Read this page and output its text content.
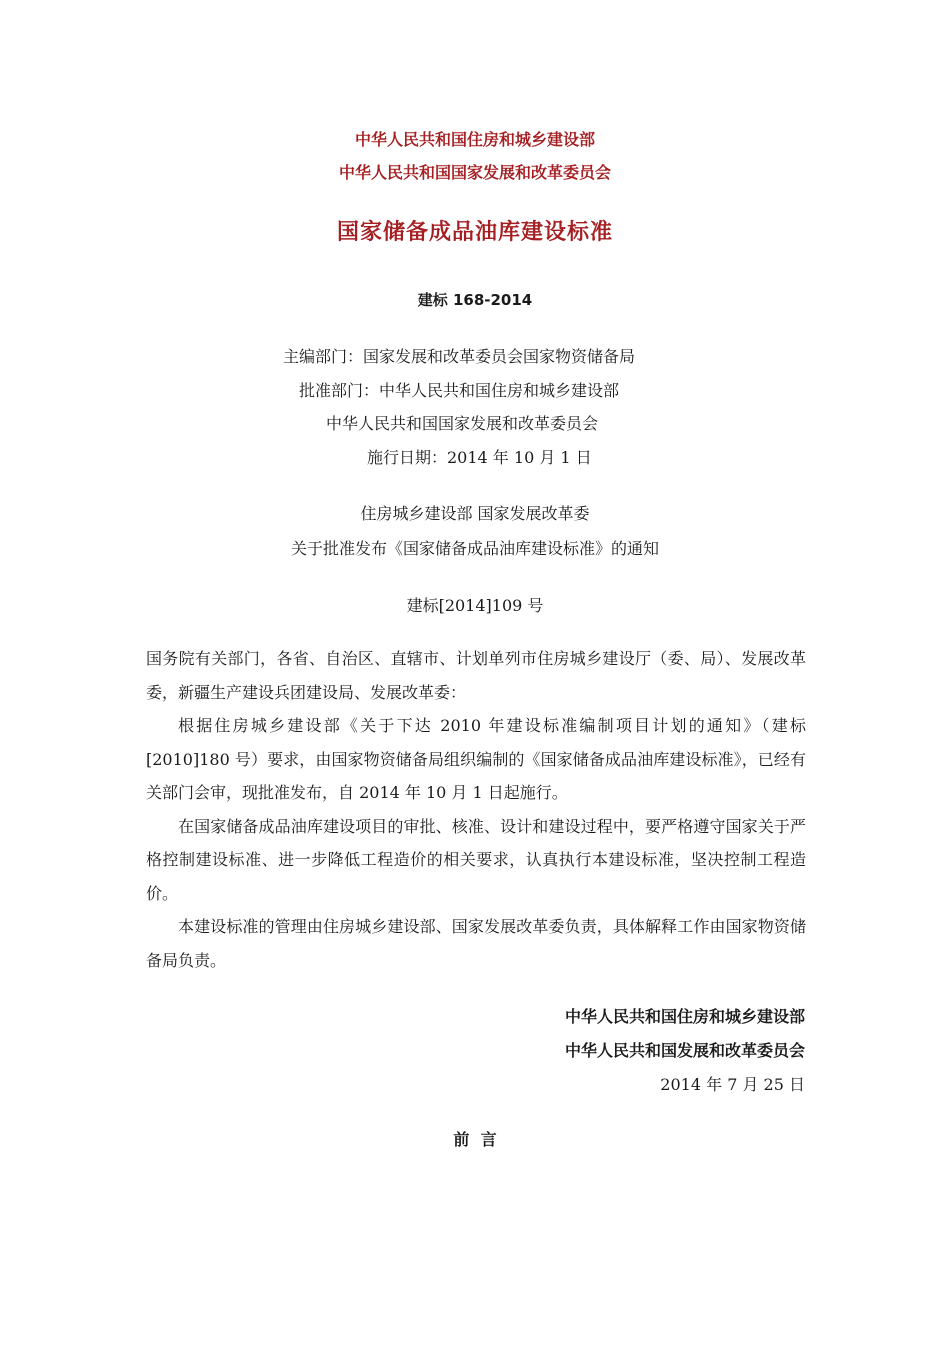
中华人民共和国住房和城乡建设部
中华人民共和国国家发展和改革委员会
国家储备成品油库建设标准
建标 168-2014
主编部门：国家发展和改革委员会国家物资储备局
批准部门：中华人民共和国住房和城乡建设部
中华人民共和国国家发展和改革委员会
施行日期：2014 年 10 月 1 日
住房城乡建设部 国家发展改革委
关于批准发布《国家储备成品油库建设标准》的通知
建标[2014]109 号

国务院有关部门，各省、自治区、直辖市、计划单列市住房城乡建设厅（委、局）、发展改革委，新疆生产建设兵团建设局、发展改革委：

根据住房城乡建设部《关于下达 2010 年建设标准编制项目计划的通知》（建标[2010]180 号）要求，由国家物资储备局组织编制的《国家储备成品油库建设标准》，已经有关部门会审，现批准发布，自 2014 年 10 月 1 日起施行。

在国家储备成品油库建设项目的审批、核准、设计和建设过程中，要严格遵守国家关于严格控制建设标准、进一步降低工程造价的相关要求，认真执行本建设标准，坚决控制工程造价。

本建设标准的管理由住房城乡建设部、国家发展改革委负责，具体解释工作由国家物资储备局负责。

中华人民共和国住房和城乡建设部
中华人民共和国发展和改革委员会
2014 年 7 月 25 日
前  言
